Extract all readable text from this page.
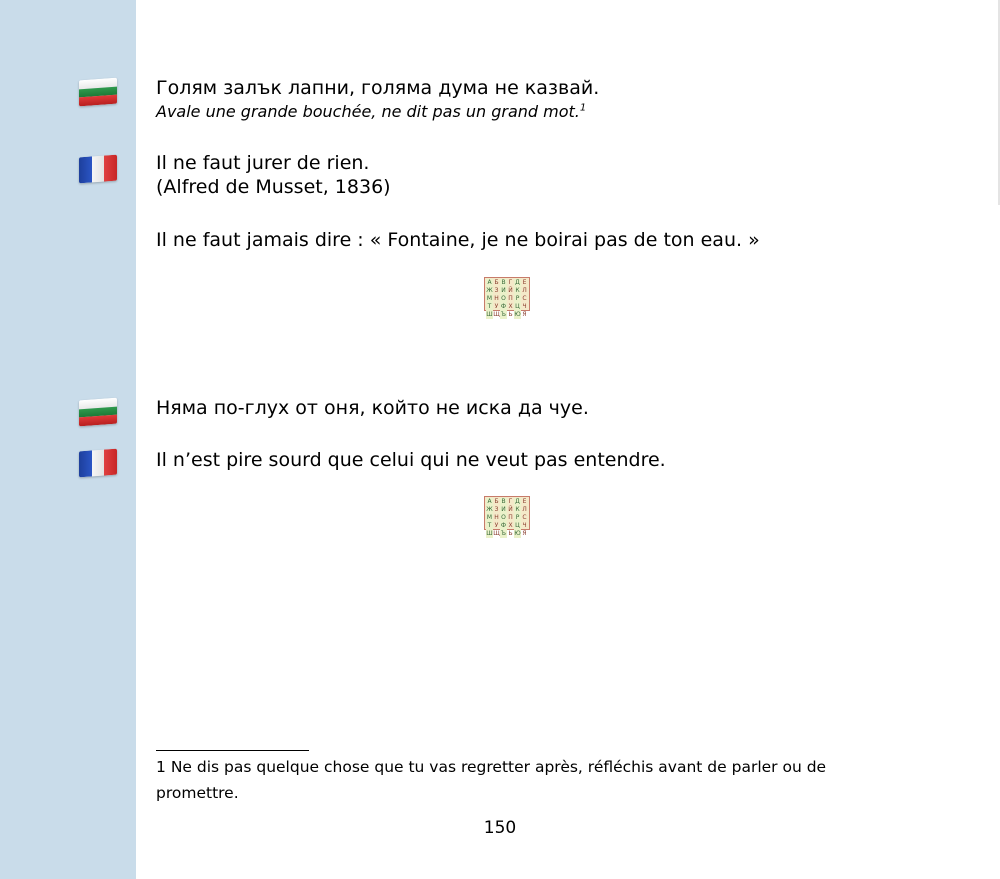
Голям залък лапни, голяма дума не казвай.

Avale une grande bouchée, ne dit pas un grand mot.$^1$

Il ne faut jurer de rien.

(Alfred de Musset, 1836)

Il ne faut jamais dire : « Fontaine, je ne boirai pas de ton eau. »

А Б В Г Д Е
Ж З И Й К Л
М Н О П Р С
Т У Ф Х Ц Ч
Ш Щ Ъ Ь Ю Я

Няма по-глух от оня, който не иска да чуе.

Il n’est pire sourd que celui qui ne veut pas entendre.

А Б В Г Д Е
Ж З И Й К Л
М Н О П Р С
Т У Ф Х Ц Ч
Ш Щ Ъ Ь Ю Я

1 Ne dis pas quelque chose que tu vas regretter après, réfléchis avant de parler ou de promettre.

150
